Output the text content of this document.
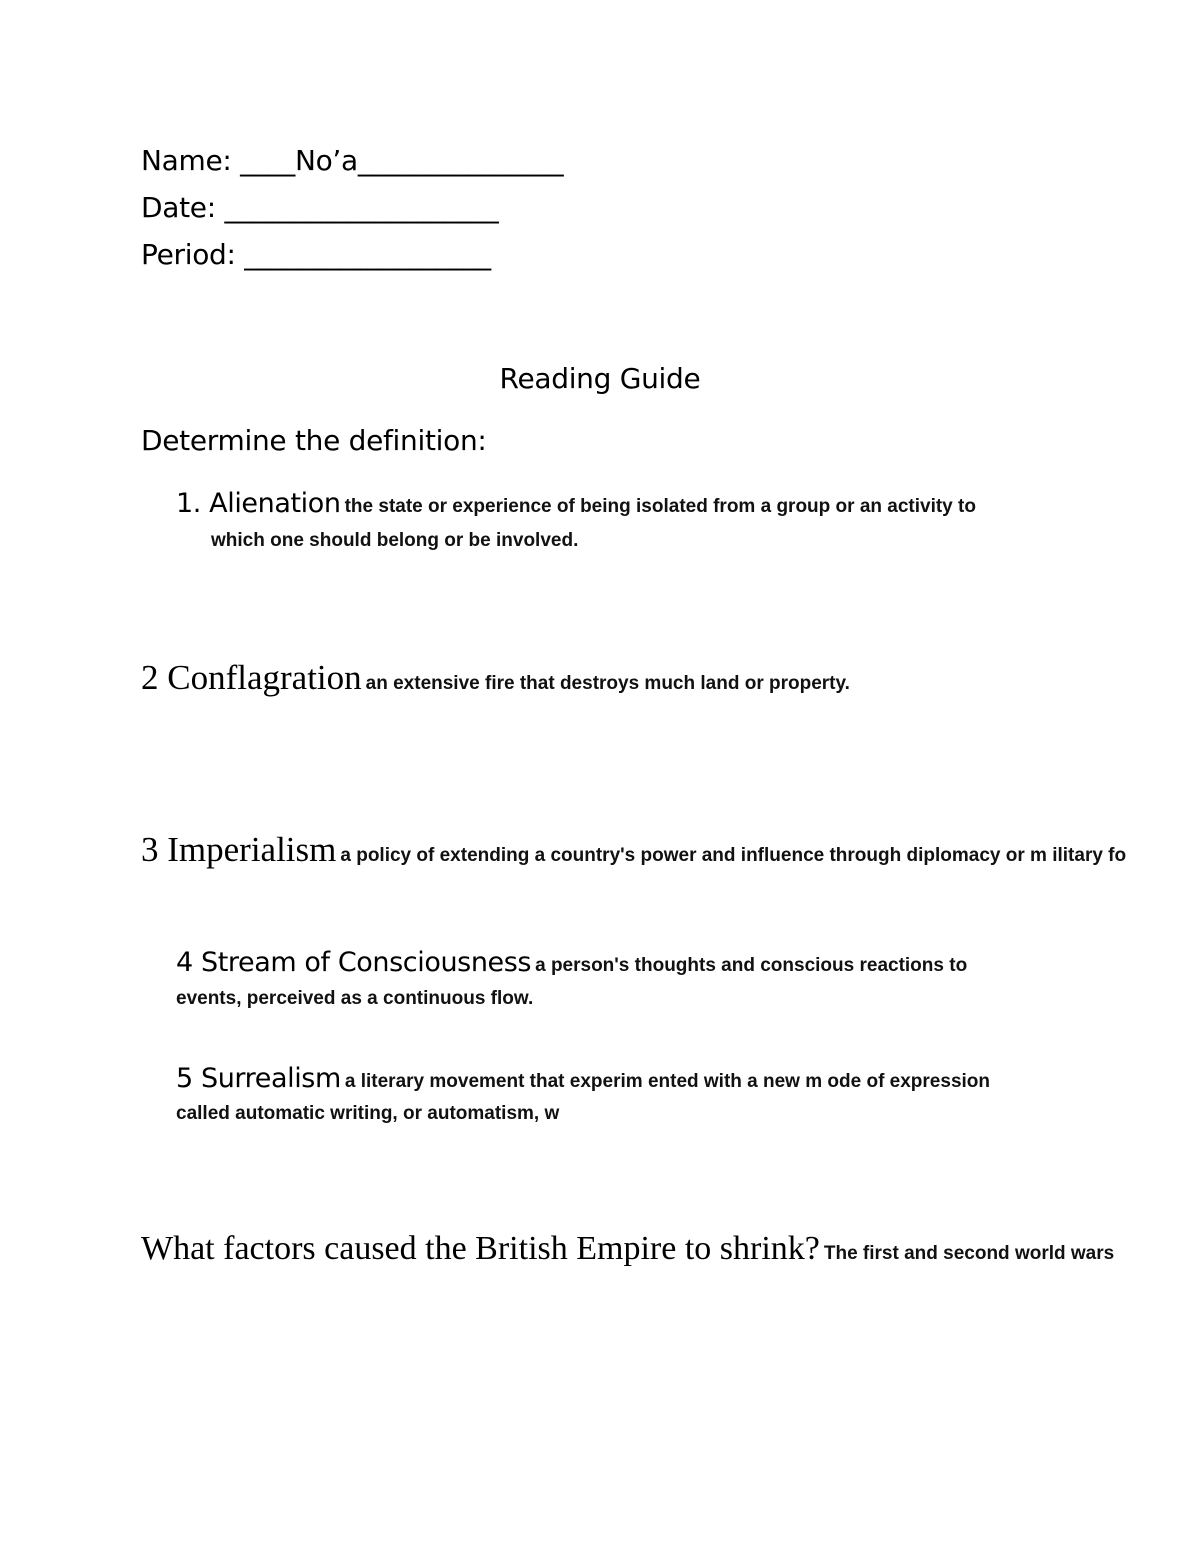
Name: ____No’a_______________
Date: ____________________
Period: __________________
Reading Guide
Determine the definition:
1. Alienation the state or experience of being isolated from a group or an activity to
which one should belong or be involved.
2 Conflagration an extensive fire that destroys much land or property.
3 Imperialism a policy of extending a country's power and influence through diplomacy or m ilitary fo
4 Stream of Consciousness a person's thoughts and conscious reactions to
events, perceived as a continuous flow.
5 Surrealism a literary movement that experim ented with a new m ode of expression
called automatic writing, or automatism, w
What factors caused the British Empire to shrink? The first and second world wars
